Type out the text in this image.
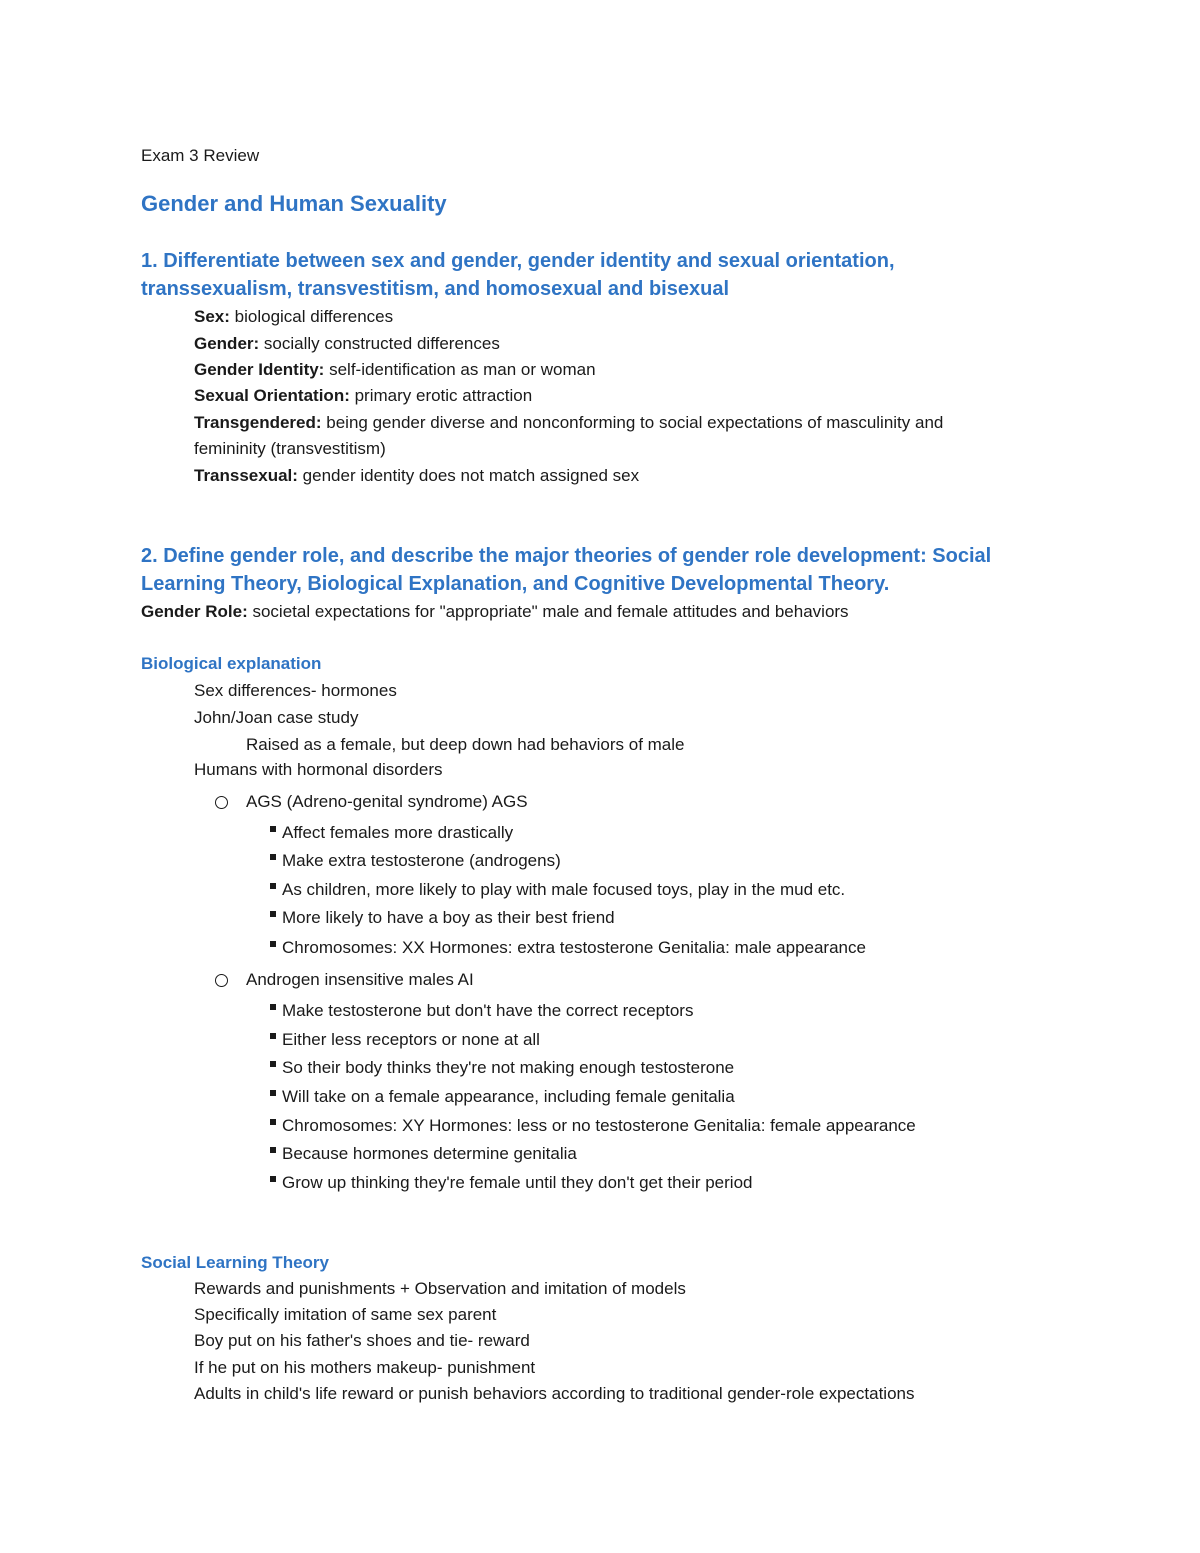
Exam 3 Review
Gender and Human Sexuality
1. Differentiate between sex and gender, gender identity and sexual orientation,
transsexualism, transvestitism, and homosexual and bisexual
Sex: biological differences
Gender: socially constructed differences
Gender Identity: self-identification as man or woman
Sexual Orientation: primary erotic attraction
Transgendered: being gender diverse and nonconforming to social expectations of masculinity and
femininity (transvestitism)
Transsexual: gender identity does not match assigned sex
2. Define gender role, and describe the major theories of gender role development: Social
Learning Theory, Biological Explanation, and Cognitive Developmental Theory.
Gender Role: societal expectations for "appropriate" male and female attitudes and behaviors
Biological explanation
Sex differences- hormones
John/Joan case study
Raised as a female, but deep down had behaviors of male
Humans with hormonal disorders
AGS (Adreno-genital syndrome) AGS
Affect females more drastically
Make extra testosterone (androgens)
As children, more likely to play with male focused toys, play in the mud etc.
More likely to have a boy as their best friend
Chromosomes: XX Hormones: extra testosterone Genitalia: male appearance
Androgen insensitive males AI
Make testosterone but don't have the correct receptors
Either less receptors or none at all
So their body thinks they're not making enough testosterone
Will take on a female appearance, including female genitalia
Chromosomes: XY Hormones: less or no testosterone Genitalia: female appearance
Because hormones determine genitalia
Grow up thinking they're female until they don't get their period
Social Learning Theory
Rewards and punishments + Observation and imitation of models
Specifically imitation of same sex parent
Boy put on his father's shoes and tie- reward
If he put on his mothers makeup- punishment
Adults in child's life reward or punish behaviors according to traditional gender-role expectations
